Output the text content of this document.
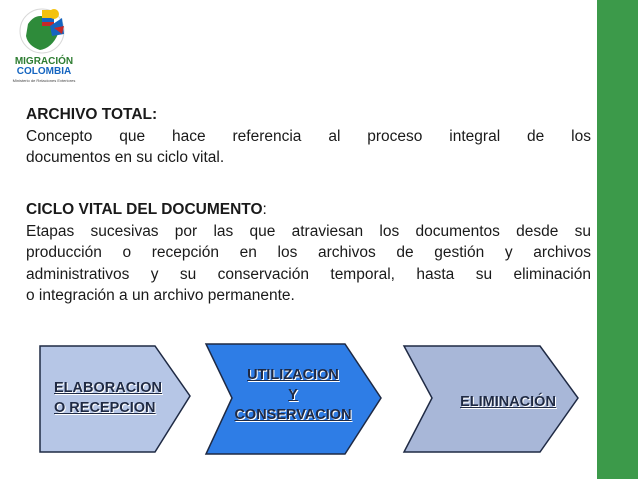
MIGRACIÓN
COLOMBIA
Ministerio de Relaciones Exteriores
ARCHIVO TOTAL:
Concepto que hace referencia al proceso integral de los
documentos en su ciclo vital.
CICLO VITAL DEL DOCUMENTO:
Etapas sucesivas por las que atraviesan los documentos desde su
producción o recepción en los archivos de gestión y archivos
administrativos y su conservación temporal, hasta su eliminación
o integración a un archivo permanente.
ELABORACION
O RECEPCION
UTILIZACION
Y
CONSERVACION
ELIMINACIÓN
